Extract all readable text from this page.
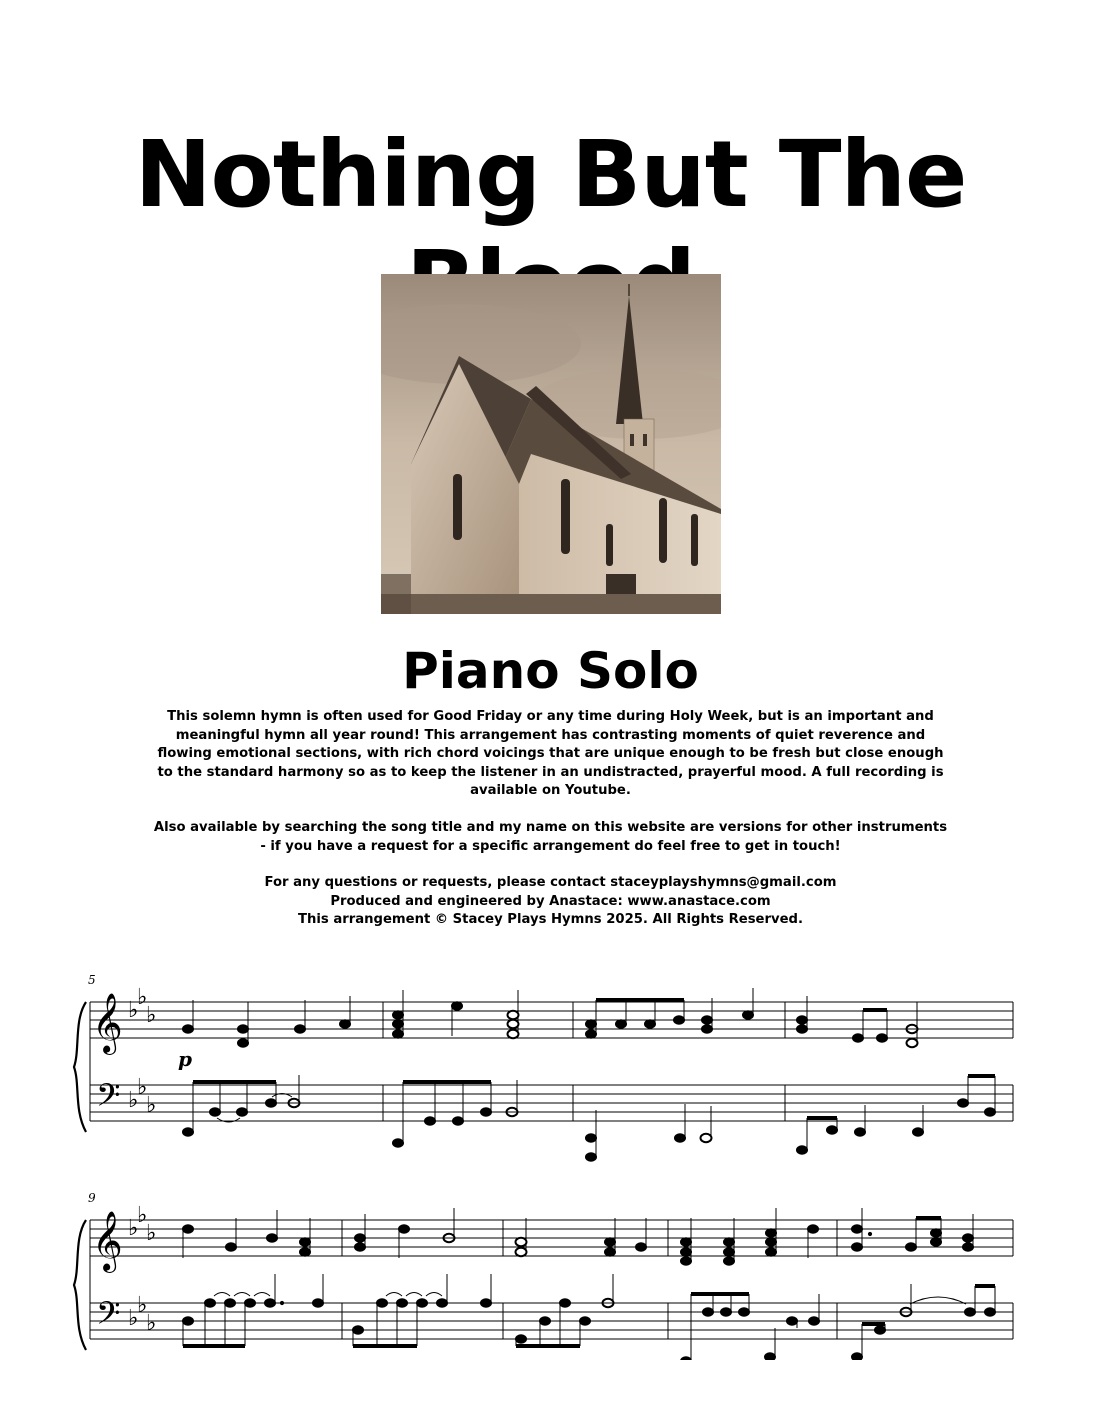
Nothing But The
Piano Solo

This solemn hymn is often used for Good Friday or any time during Holy Week, but is an important and meaningful hymn all year round! This arrangement has contrasting moments of quiet reverence and flowing emotional sections, with rich chord voicings that are unique enough to be fresh but close enough to the standard harmony so as to keep the listener in an undistracted, prayerful mood. A full recording is available on Youtube.

Also available by searching the song title and my name on this website are versions for other instruments - if you have a request for a specific arrangement do feel free to get in touch!

For any questions or requests, please contact staceyplayshymns@gmail.com
Produced and engineered by Anastace: www.anastace.com
This arrangement © Stacey Plays Hymns 2025. All Rights Reserved.
5
𝄞
𝄢
♭
♭
♭
♭
♭
♭
p
9
𝄞
𝄢
♭
♭
♭
♭
♭
♭
